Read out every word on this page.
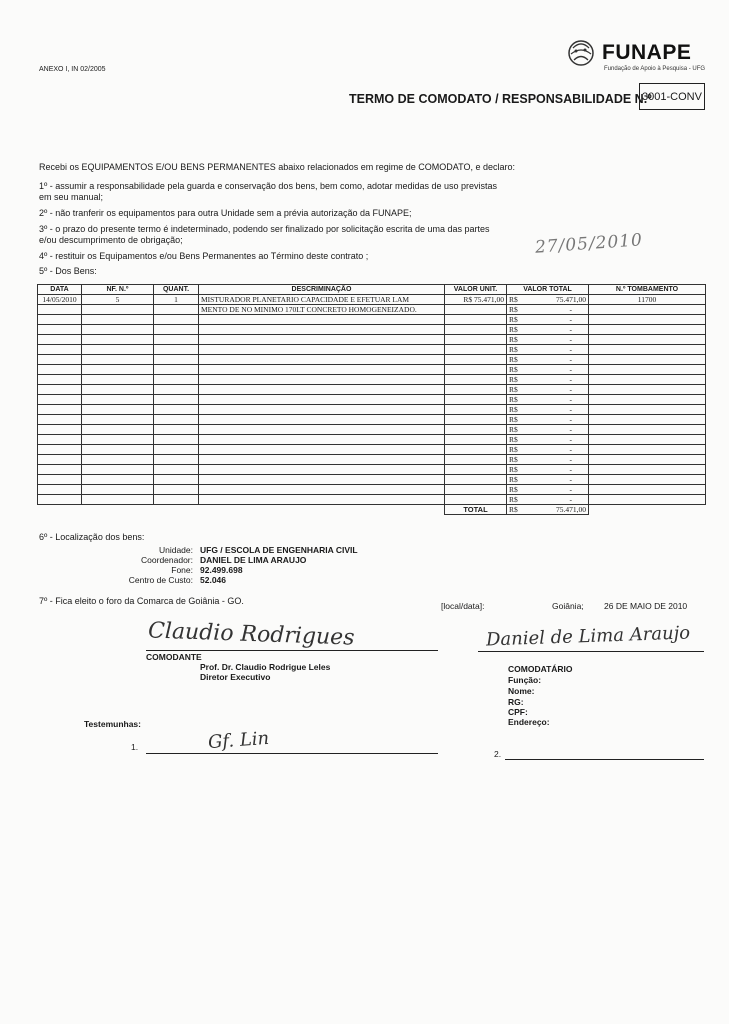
ANEXO I, IN 02/2005
FUNAPE
Fundação de Apoio à Pesquisa - UFG
TERMO DE COMODATO / RESPONSABILIDADE N.º
3001-CONV
Recebi os EQUIPAMENTOS E/OU BENS PERMANENTES abaixo relacionados em regime de COMODATO, e declaro:
1º - assumir a responsabilidade pela guarda e conservação dos bens, bem como, adotar medidas de uso previstas
em seu manual;
2º - não tranferir os equipamentos para outra Unidade sem a prévia autorização da FUNAPE;
3º - o prazo do presente termo é indeterminado, podendo ser finalizado por solicitação escrita de uma das partes
e/ou descumprimento de obrigação;
4º - restituir os Equipamentos e/ou Bens Permanentes ao Término deste contrato ;
5º - Dos Bens:
27/05/2010
DATA	NF. N.º	QUANT.	DESCRIMINAÇÃO	VALOR UNIT.	VALOR TOTAL	N.º TOMBAMENTO
14/05/2010	5	1	MISTURADOR PLANETARIO CAPACIDADE E EFETUAR LAM	R$ 75.471,00	R$ 75.471,00	11700
			MENTO DE NO MINIMO 170LT CONCRETO HOMOGENEIZADO.		R$ -	

					R$ -	

					R$ -	

					R$ -	

					R$ -	

					R$ -	

					R$ -	

					R$ -	

					R$ -	

					R$ -	

					R$ -	

					R$ -	

					R$ -	

					R$ -	

					R$ -	

					R$ -	

					R$ -	

					R$ -	

					R$ -	

					R$ -	

				TOTAL	R$ 75.471,00	

6º - Localização dos bens:
Unidade: UFG / ESCOLA DE ENGENHARIA CIVIL
Coordenador: DANIEL DE LIMA ARAUJO
Fone: 92.499.698
Centro de Custo: 52.046
7º - Fica eleito o foro da Comarca de Goiânia - GO.	[local/data]:	Goiânia; 26 DE MAIO DE 2010
Claudio Rodrigues
COMODANTE
Prof. Dr. Claudio Rodrigue Leles
Diretor Executivo
Daniel de Lima Araujo
COMODATÁRIO
Função:
Nome:
RG:
CPF:
Endereço:
Testemunhas:
1.	Gf. Lin
2.
